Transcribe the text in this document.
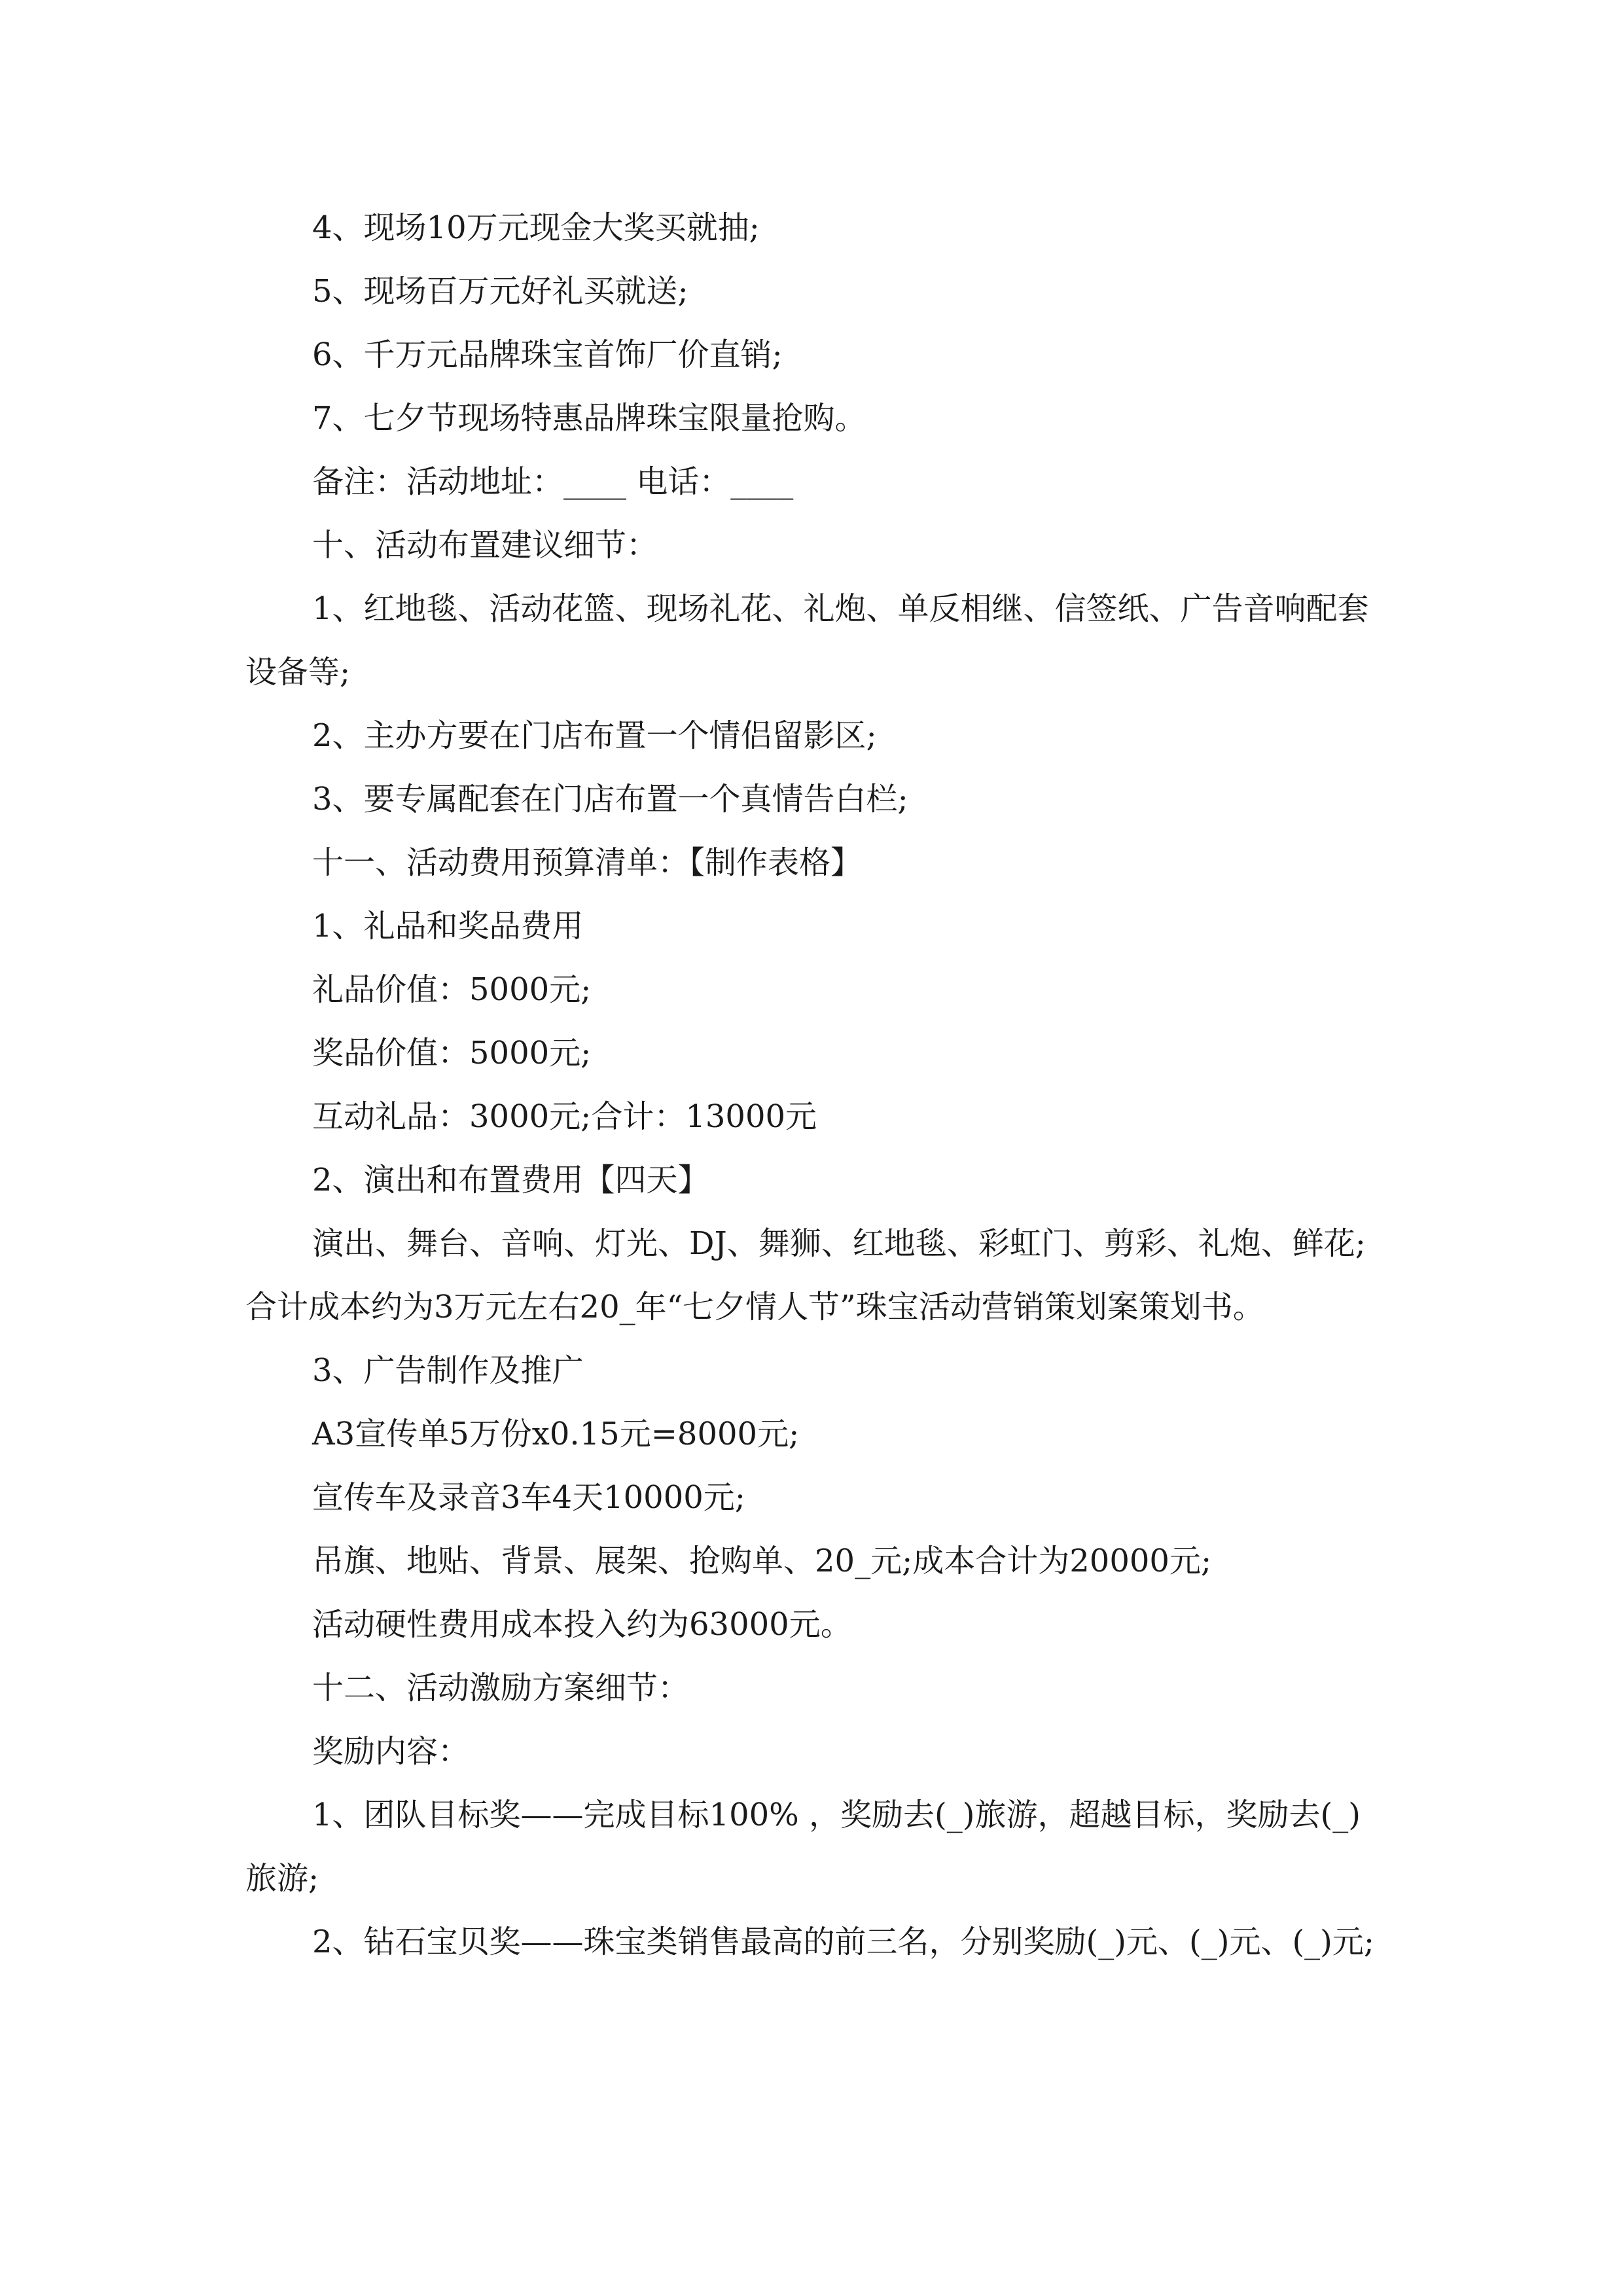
4、现场10万元现金大奖买就抽;

5、现场百万元好礼买就送;

6、千万元品牌珠宝首饰厂价直销;

7、七夕节现场特惠品牌珠宝限量抢购。

备注：活动地址：____ 电话：____

十、活动布置建议细节：

1、红地毯、活动花篮、现场礼花、礼炮、单反相继、信签纸、广告音响配套设备等;

2、主办方要在门店布置一个情侣留影区;

3、要专属配套在门店布置一个真情告白栏;

十一、活动费用预算清单：【制作表格】

1、礼品和奖品费用

礼品价值：5000元;

奖品价值：5000元;

互动礼品：3000元;合计：13000元

2、演出和布置费用【四天】

演出、舞台、音响、灯光、DJ、舞狮、红地毯、彩虹门、剪彩、礼炮、鲜花;合计成本约为3万元左右20_年“七夕情人节”珠宝活动营销策划案策划书。

3、广告制作及推广

A3宣传单5万份x0.15元=8000元;

宣传车及录音3车4天10000元;

吊旗、地贴、背景、展架、抢购单、20_元;成本合计为20000元;

活动硬性费用成本投入约为63000元。

十二、活动激励方案细节：

奖励内容：

1、团队目标奖——完成目标100% ，奖励去(_)旅游，超越目标，奖励去(_)旅游;

2、钻石宝贝奖——珠宝类销售最高的前三名，分别奖励(_)元、(_)元、(_)元;
